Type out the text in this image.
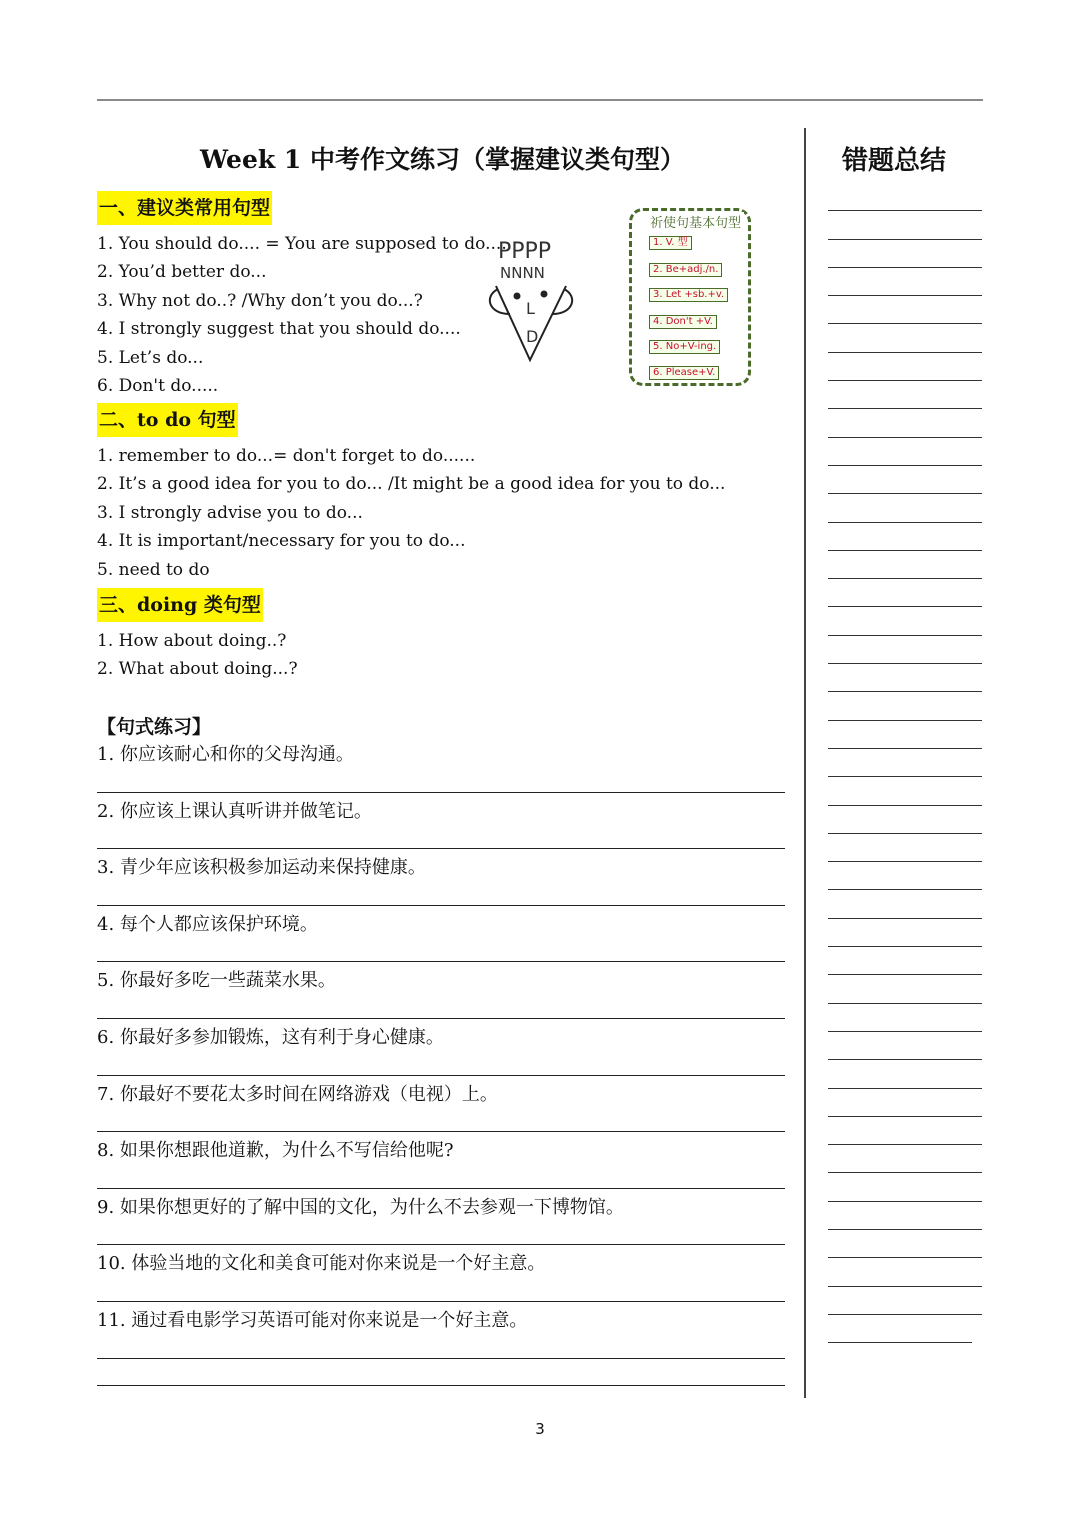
Week 1 中考作文练习（掌握建议类句型）	错题总结
一、建议类常用句型
1. You should do.... = You are supposed to do.....
2. You’d better do...
3. Why not do..? /Why don’t you do...?
4. I strongly suggest that you should do....
5. Let’s do...
6. Don't do.....
PPPP
NNNN
L
D
祈使句基本句型
1. V. 型
2. Be+adj./n.
3. Let +sb.+v.
4. Don't +V.
5. No+V-ing.
6. Please+V.
二、to do 句型
1. remember to do...= don't forget to do......
2. It’s a good idea for you to do... /It might be a good idea for you to do...
3. I strongly advise you to do...
4. It is important/necessary for you to do...
5. need to do
三、doing 类句型
1. How about doing..?
2. What about doing...?
【句式练习】
1. 你应该耐心和你的父母沟通。
2. 你应该上课认真听讲并做笔记。
3. 青少年应该积极参加运动来保持健康。
4. 每个人都应该保护环境。
5. 你最好多吃一些蔬菜水果。
6. 你最好多参加锻炼，这有利于身心健康。
7. 你最好不要花太多时间在网络游戏（电视）上。
8. 如果你想跟他道歉，为什么不写信给他呢?
9. 如果你想更好的了解中国的文化，为什么不去参观一下博物馆。
10. 体验当地的文化和美食可能对你来说是一个好主意。
11. 通过看电影学习英语可能对你来说是一个好主意。
3
